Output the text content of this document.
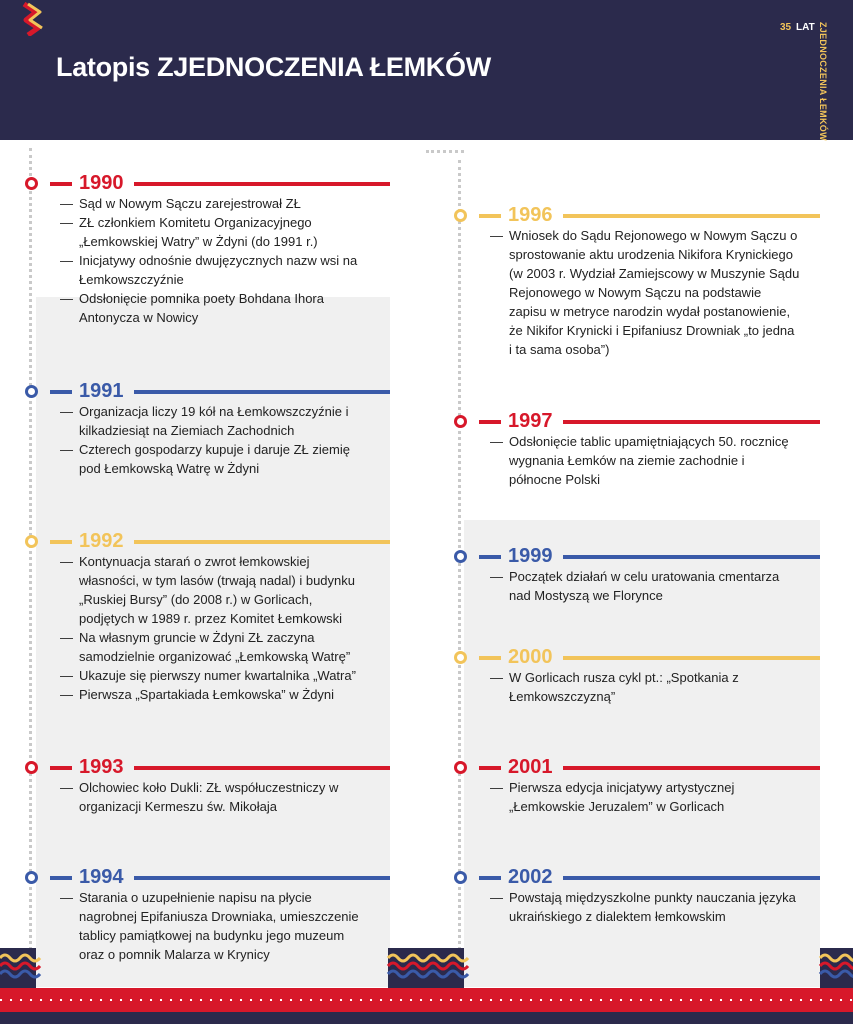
Latopis ZJEDNOCZENIA ŁEMKÓW
35 LAT ZJEDNOCZENIA ŁEMKÓW
1990
— Sąd w Nowym Sączu zarejestrował ZŁ
— ZŁ członkiem Komitetu Organizacyjnego „Łemkowskiej Watry” w Żdyni (do 1991 r.)
— Inicjatywy odnośnie dwujęzycznych nazw wsi na Łemkowszczyźnie
— Odsłonięcie pomnika poety Bohdana Ihora Antonycza w Nowicy
1991
— Organizacja liczy 19 kół na Łemkowszczyźnie i kilkadziesiąt na Ziemiach Zachodnich
— Czterech gospodarzy kupuje i daruje ZŁ ziemię pod Łemkowską Watrę w Żdyni
1992
— Kontynuacja starań o zwrot łemkowskiej własności, w tym lasów (trwają nadal) i budynku „Ruskiej Bursy” (do 2008 r.) w Gorlicach, podjętych w 1989 r. przez Komitet Łemkowski
— Na własnym gruncie w Żdyni ZŁ zaczyna samodzielnie organizować „Łemkowską Watrę”
— Ukazuje się pierwszy numer kwartalnika „Watra”
— Pierwsza „Spartakiada Łemkowska” w Żdyni
1993
— Olchowiec koło Dukli: ZŁ współuczestniczy w organizacji Kermeszu św. Mikołaja
1994
— Starania o uzupełnienie napisu na płycie nagrobnej Epifaniusza Drowniaka, umieszczenie tablicy pamiątkowej na budynku jego muzeum oraz o pomnik Malarza w Krynicy
1996
— Wniosek do Sądu Rejonowego w Nowym Sączu o sprostowanie aktu urodzenia Nikifora Krynickiego (w 2003 r. Wydział Zamiejscowy w Muszynie Sądu Rejonowego w Nowym Sączu na podstawie zapisu w metryce narodzin wydał postanowienie, że Nikifor Krynicki i Epifaniusz Drowniak „to jedna i ta sama osoba”)
1997
— Odsłonięcie tablic upamiętniających 50. rocznicę wygnania Łemków na ziemie zachodnie i północne Polski
1999
— Początek działań w celu uratowania cmentarza nad Mostyszą we Florynce
2000
— W Gorlicach rusza cykl pt.: „Spotkania z Łemkowszczyzną”
2001
— Pierwsza edycja inicjatywy artystycznej „Łemkowskie Jeruzalem” w Gorlicach
2002
— Powstają międzyszkolne punkty nauczania języka ukraińskiego z dialektem łemkowskim
